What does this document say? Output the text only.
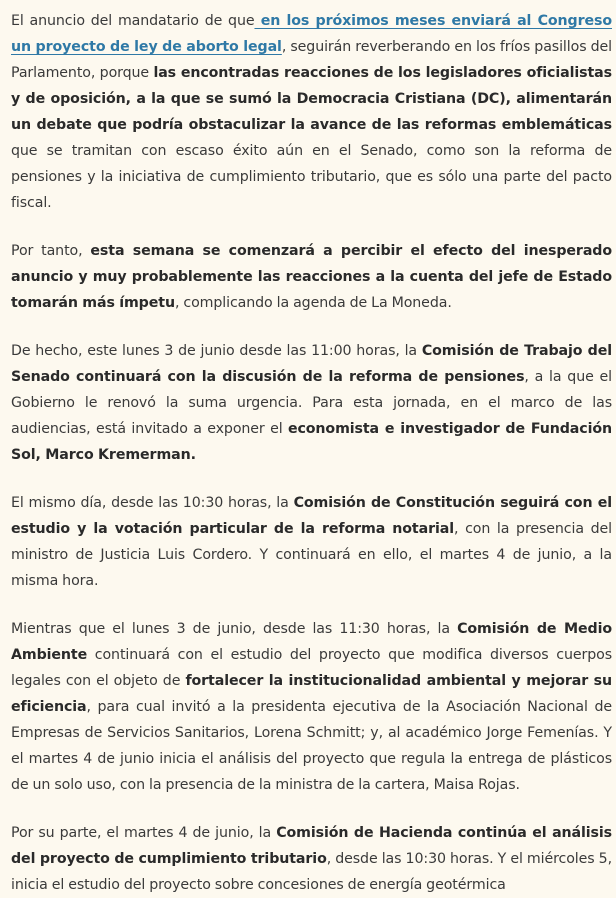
El anuncio del mandatario de que en los próximos meses enviará al Congreso un proyecto de ley de aborto legal, seguirán reverberando en los fríos pasillos del Parlamento, porque las encontradas reacciones de los legisladores oficialistas y de oposición, a la que se sumó la Democracia Cristiana (DC), alimentarán un debate que podría obstaculizar la avance de las reformas emblemáticas que se tramitan con escaso éxito aún en el Senado, como son la reforma de pensiones y la iniciativa de cumplimiento tributario, que es sólo una parte del pacto fiscal.

Por tanto, esta semana se comenzará a percibir el efecto del inesperado anuncio y muy probablemente las reacciones a la cuenta del jefe de Estado tomarán más ímpetu, complicando la agenda de La Moneda.

De hecho, este lunes 3 de junio desde las 11:00 horas, la Comisión de Trabajo del Senado continuará con la discusión de la reforma de pensiones, a la que el Gobierno le renovó la suma urgencia. Para esta jornada, en el marco de las audiencias, está invitado a exponer el economista e investigador de Fundación Sol, Marco Kremerman.

El mismo día, desde las 10:30 horas, la Comisión de Constitución seguirá con el estudio y la votación particular de la reforma notarial, con la presencia del ministro de Justicia Luis Cordero. Y continuará en ello, el martes 4 de junio, a la misma hora.

Mientras que el lunes 3 de junio, desde las 11:30 horas, la Comisión de Medio Ambiente continuará con el estudio del proyecto que modifica diversos cuerpos legales con el objeto de fortalecer la institucionalidad ambiental y mejorar su eficiencia, para cual invitó a la presidenta ejecutiva de la Asociación Nacional de Empresas de Servicios Sanitarios, Lorena Schmitt; y, al académico Jorge Femenías. Y el martes 4 de junio inicia el análisis del proyecto que regula la entrega de plásticos de un solo uso, con la presencia de la ministra de la cartera, Maisa Rojas.

Por su parte, el martes 4 de junio, la Comisión de Hacienda continúa el análisis del proyecto de cumplimiento tributario, desde las 10:30 horas. Y el miércoles 5, inicia el estudio del proyecto sobre concesiones de energía geotérmica
